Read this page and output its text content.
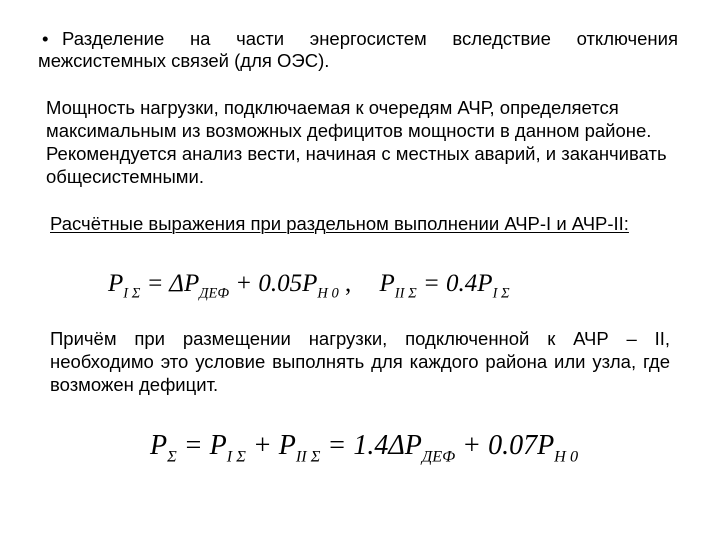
• Разделение на части энергосистем вследствие отключения межсистемных связей (для ОЭС).
Мощность нагрузки, подключаемая к очередям АЧР, определяется максимальным из возможных дефицитов мощности в данном районе. Рекомендуется анализ вести, начиная с местных аварий, и заканчивать общесистемными.
Расчётные выражения при раздельном выполнении АЧР-I и АЧР-II:
$P_{I \Sigma} = \Delta P_{ДЕФ} + 0.05P_{H 0}$ , $P_{II \Sigma} = 0.4P_{I \Sigma}$
Причём при размещении нагрузки, подключенной к АЧР – II, необходимо это условие выполнять для каждого района или узла, где возможен дефицит.
$P_\Sigma = P_{I \Sigma} + P_{II \Sigma} = 1.4\Delta P_{ДЕФ} + 0.07P_{H 0}$
